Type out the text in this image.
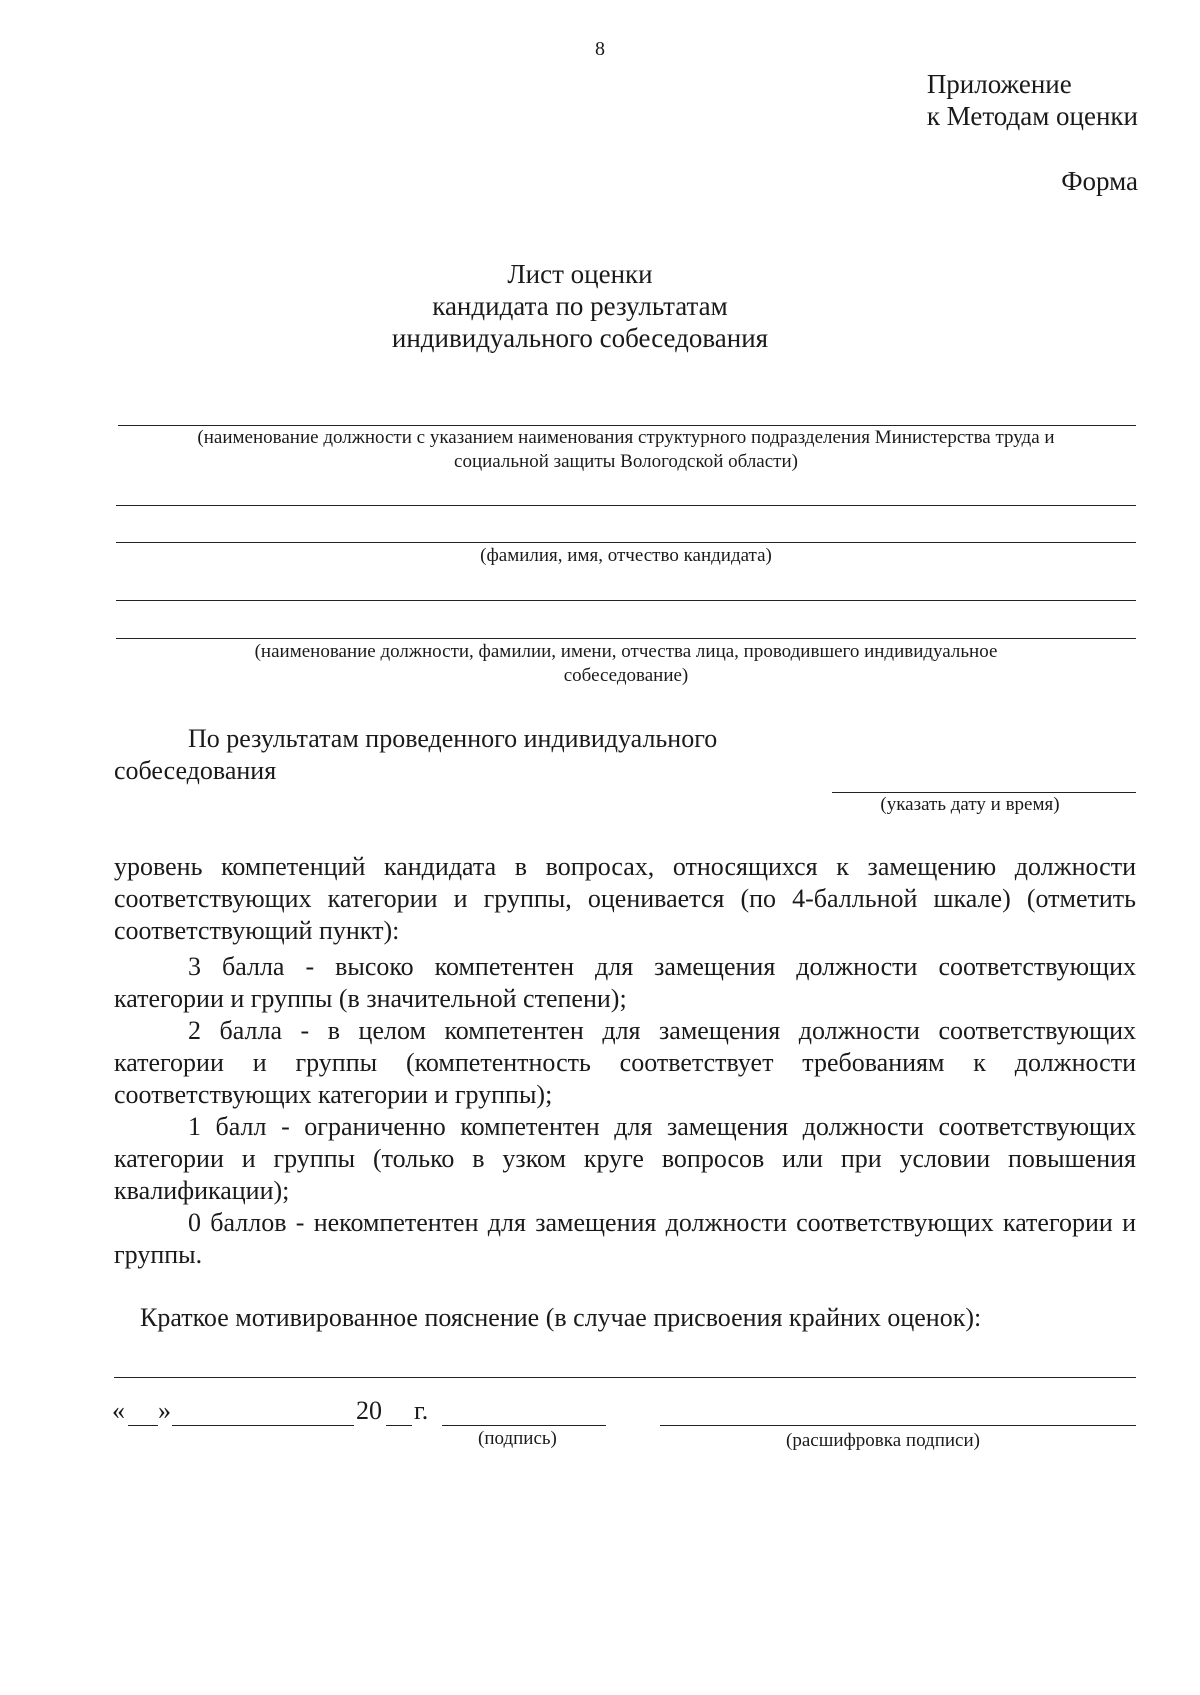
8
Приложение
к Методам оценки
Форма
Лист оценки
кандидата по результатам
индивидуального собеседования
(наименование должности с указанием наименования структурного подразделения Министерства труда и
социальной защиты Вологодской области)
(фамилия, имя, отчество кандидата)
(наименование должности, фамилии, имени, отчества лица, проводившего индивидуальное
собеседование)
По результатам проведенного индивидуального
собеседования
(указать дату и время)

уровень компетенций кандидата в вопросах, относящихся к замещению должности соответствующих категории и группы, оценивается (по 4-балльной шкале) (отметить соответствующий пункт):

3 балла - высоко компетентен для замещения должности соответствующих категории и группы (в значительной степени);

2 балла - в целом компетентен для замещения должности соответствующих категории и группы (компетентность соответствует требованиям к должности соответствующих категории и группы);

1 балл - ограниченно компетентен для замещения должности соответствующих категории и группы (только в узком круге вопросов или при условии повышения квалификации);

0 баллов - некомпетентен для замещения должности соответствующих категории и группы.

Краткое мотивированное пояснение (в случае присвоения крайних оценок):
« »	20 г.
(подпись)	(расшифровка подписи)
